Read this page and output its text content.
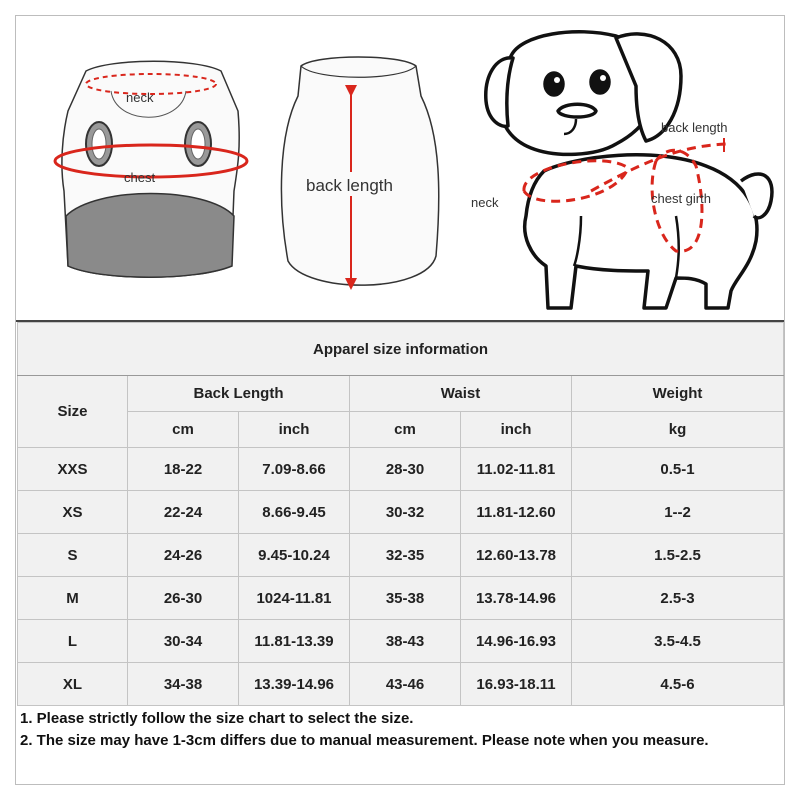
neck
chest	back length
back length
chest girth
neck
Apparel size information					
Size	Back Length		Waist		Weight
	cm	inch	cm	inch	kg
XXS	18-22	7.09-8.66	28-30	11.02-11.81	0.5-1
XS	22-24	8.66-9.45	30-32	11.81-12.60	1--2
S	24-26	9.45-10.24	32-35	12.60-13.78	1.5-2.5
M	26-30	1024-11.81	35-38	13.78-14.96	2.5-3
L	30-34	11.81-13.39	38-43	14.96-16.93	3.5-4.5
XL	34-38	13.39-14.96	43-46	16.93-18.11	4.5-6
1. Please strictly follow the size chart to select the size.
2. The size may have 1-3cm differs due to manual measurement. Please note when you measure.
